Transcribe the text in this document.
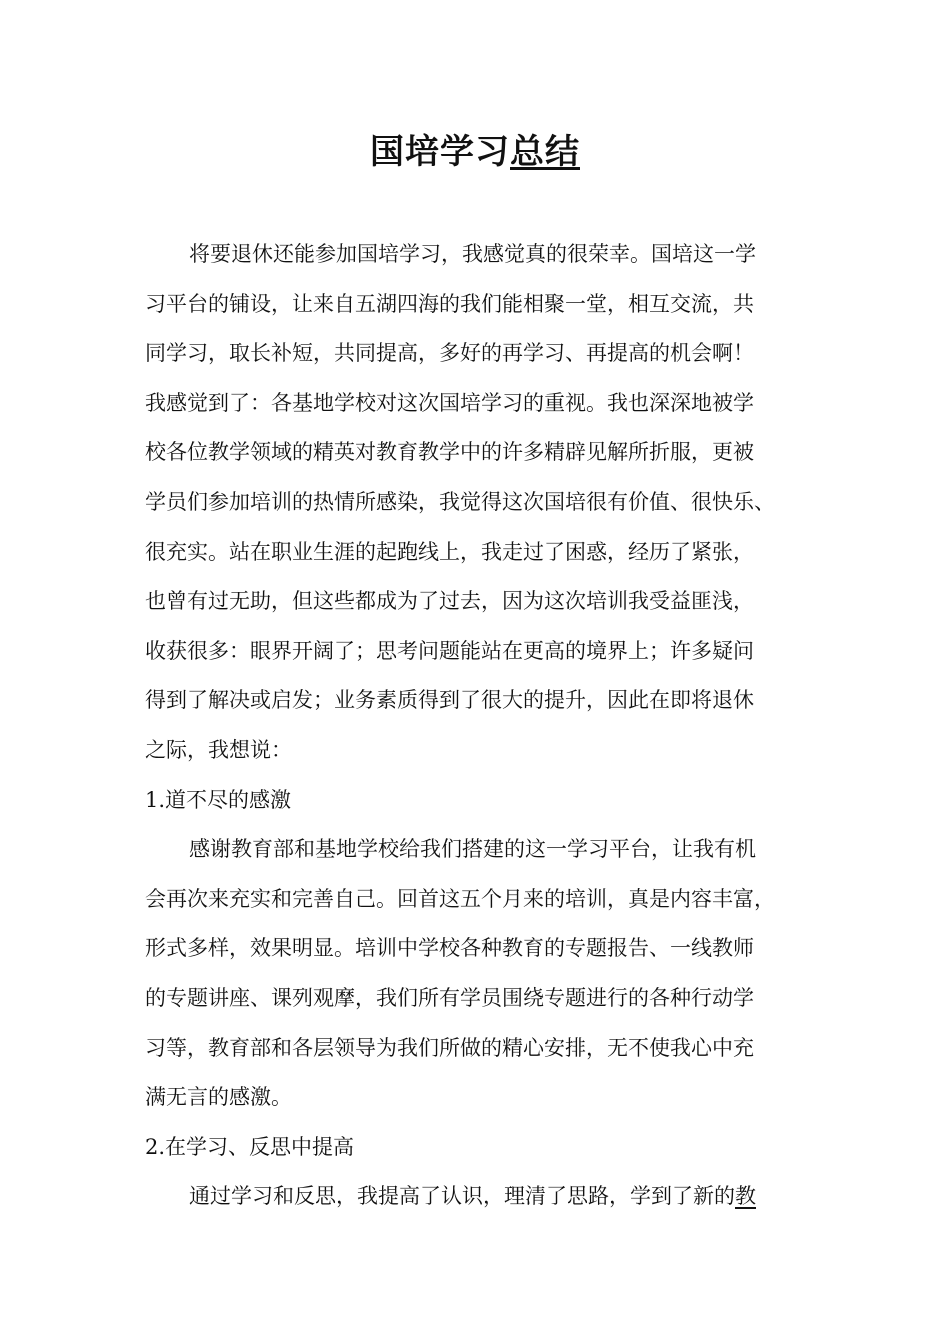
国培学习总结
将要退休还能参加国培学习，我感觉真的很荣幸。国培这一学
习平台的铺设，让来自五湖四海的我们能相聚一堂，相互交流，共
同学习，取长补短，共同提高，多好的再学习、再提高的机会啊！
我感觉到了：各基地学校对这次国培学习的重视。我也深深地被学
校各位教学领域的精英对教育教学中的许多精辟见解所折服，更被
学员们参加培训的热情所感染，我觉得这次国培很有价值、很快乐、
很充实。站在职业生涯的起跑线上，我走过了困惑，经历了紧张，
也曾有过无助，但这些都成为了过去，因为这次培训我受益匪浅，
收获很多：眼界开阔了；思考问题能站在更高的境界上；许多疑问
得到了解决或启发；业务素质得到了很大的提升，因此在即将退休
之际，我想说：
1.道不尽的感激
感谢教育部和基地学校给我们搭建的这一学习平台，让我有机
会再次来充实和完善自己。回首这五个月来的培训，真是内容丰富，
形式多样，效果明显。培训中学校各种教育的专题报告、一线教师
的专题讲座、课列观摩，我们所有学员围绕专题进行的各种行动学
习等，教育部和各层领导为我们所做的精心安排，无不使我心中充
满无言的感激。
2.在学习、反思中提高
通过学习和反思，我提高了认识，理清了思路，学到了新的教
